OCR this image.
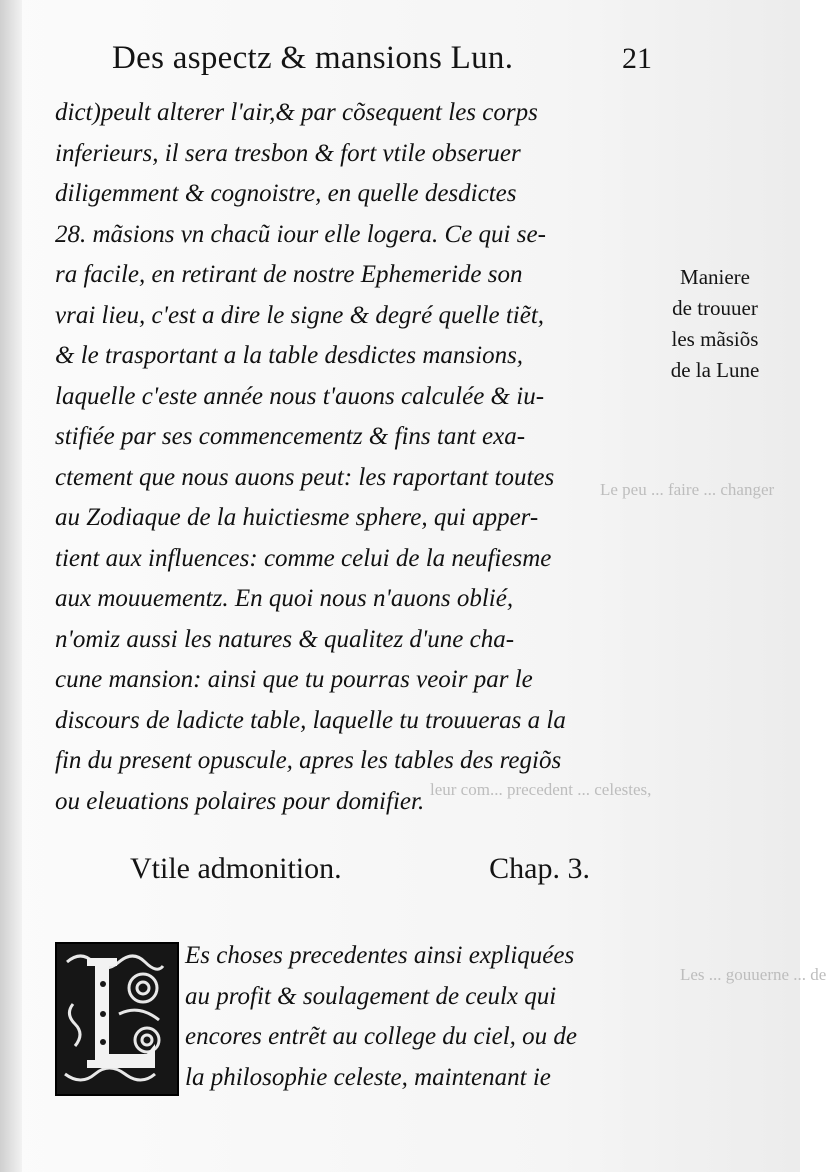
Le peu ... faire ... changer
leur com... precedent ... celestes,
Les ... gouuerne ... de
Des aspectz & mansions Lun.	21
dict)peult alterer l'air,& par cõsequent les corps
inferieurs, il sera tresbon & fort vtile obseruer
diligemment & cognoistre, en quelle desdictes
28. mãsions vn chacũ iour elle logera. Ce qui se-
ra facile, en retirant de nostre Ephemeride son
vrai lieu, c'est a dire le signe & degré quelle tiẽt,
& le trasportant a la table desdictes mansions,
laquelle c'este année nous t'auons calculée & iu-
stifiée par ses commencementz & fins tant exa-
ctement que nous auons peut: les raportant toutes
au Zodiaque de la huictiesme sphere, qui apper-
tient aux influences: comme celui de la neufiesme
aux mouuementz. En quoi nous n'auons oblié,
n'omiz aussi les natures & qualitez d'une cha-
cune mansion: ainsi que tu pourras veoir par le
discours de ladicte table, laquelle tu trouueras a la
fin du present opuscule, apres les tables des regiõs
ou eleuations polaires pour domifier.
Maniere
de trouuer
les mãsiõs
de la Lune
Vtile admonition.	Chap. 3.
Es choses precedentes ainsi expliquées
au profit & soulagement de ceulx qui
encores entrẽt au college du ciel, ou de
la philosophie celeste, maintenant ie
